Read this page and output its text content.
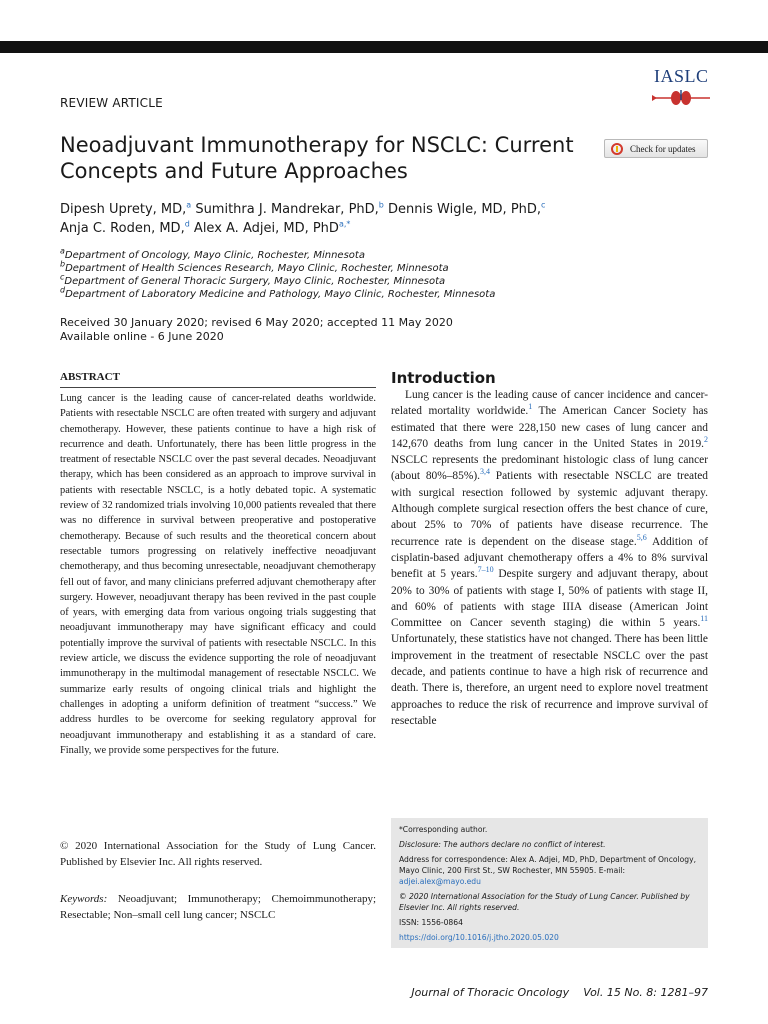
REVIEW ARTICLE
IASLC
Neoadjuvant Immunotherapy for NSCLC: Current Concepts and Future Approaches
Check for updates
Dipesh Uprety, MD,$^a$ Sumithra J. Mandrekar, PhD,$^b$ Dennis Wigle, MD, PhD,$^c$
Anja C. Roden, MD,$^d$ Alex A. Adjei, MD, PhD$^{a,*}$
$^a$Department of Oncology, Mayo Clinic, Rochester, Minnesota
$^b$Department of Health Sciences Research, Mayo Clinic, Rochester, Minnesota
$^c$Department of General Thoracic Surgery, Mayo Clinic, Rochester, Minnesota
$^d$Department of Laboratory Medicine and Pathology, Mayo Clinic, Rochester, Minnesota
Received 30 January 2020; revised 6 May 2020; accepted 11 May 2020
Available online - 6 June 2020
ABSTRACT
Lung cancer is the leading cause of cancer-related deaths worldwide. Patients with resectable NSCLC are often treated with surgery and adjuvant chemotherapy. However, these patients continue to have a high risk of recurrence and death. Unfortunately, there has been little progress in the treatment of resectable NSCLC over the past several decades. Neoadjuvant therapy, which has been considered as an approach to improve survival in patients with resectable NSCLC, is a hotly debated topic. A systematic review of 32 randomized trials involving 10,000 patients revealed that there was no difference in survival between preoperative and postoperative chemotherapy. Because of such results and the theoretical concern about resectable tumors progressing on relatively ineffective neoadjuvant chemotherapy, and thus becoming unresectable, neoadjuvant chemotherapy fell out of favor, and many clinicians preferred adjuvant chemotherapy after surgery. However, neoadjuvant therapy has been revived in the past couple of years, with emerging data from various ongoing trials suggesting that neoadjuvant immunotherapy may have significant efficacy and could potentially improve the survival of patients with resectable NSCLC. In this review article, we discuss the evidence supporting the role of neoadjuvant immunotherapy in the multimodal management of resectable NSCLC. We summarize early results of ongoing clinical trials and highlight the challenges in adopting a uniform definition of treatment “success.” We address hurdles to be overcome for seeking regulatory approval for neoadjuvant immunotherapy and establishing it as a standard of care. Finally, we provide some perspectives for the future.
© 2020 International Association for the Study of Lung Cancer. Published by Elsevier Inc. All rights reserved.
Keywords: Neoadjuvant; Immunotherapy; Chemoimmunotherapy; Resectable; Non–small cell lung cancer; NSCLC
Introduction
Lung cancer is the leading cause of cancer incidence and cancer-related mortality worldwide.$^1$ The American Cancer Society has estimated that there were 228,150 new cases of lung cancer and 142,670 deaths from lung cancer in the United States in 2019.$^2$ NSCLC represents the predominant histologic class of lung cancer (about 80%–85%).$^{3,4}$ Patients with resectable NSCLC are treated with surgical resection followed by systemic adjuvant therapy. Although complete surgical resection offers the best chance of cure, about 25% to 70% of patients have disease recurrence. The recurrence rate is dependent on the disease stage.$^{5,6}$ Addition of cisplatin-based adjuvant chemotherapy offers a 4% to 8% survival benefit at 5 years.$^{7-10}$ Despite surgery and adjuvant therapy, about 20% to 30% of patients with stage I, 50% of patients with stage II, and 60% of patients with stage IIIA disease (American Joint Committee on Cancer seventh staging) die within 5 years.$^{11}$ Unfortunately, these statistics have not changed. There has been little improvement in the treatment of resectable NSCLC over the past decade, and patients continue to have a high risk of recurrence and death. There is, therefore, an urgent need to explore novel treatment approaches to reduce the risk of recurrence and improve survival of resectable

*Corresponding author.

Disclosure: The authors declare no conflict of interest.

Address for correspondence: Alex A. Adjei, MD, PhD, Department of Oncology, Mayo Clinic, 200 First St., SW Rochester, MN 55905. E-mail:
adjei.alex@mayo.edu

© 2020 International Association for the Study of Lung Cancer. Published by Elsevier Inc. All rights reserved.

ISSN: 1556-0864

https://doi.org/10.1016/j.jtho.2020.05.020

Journal of Thoracic Oncology Vol. 15 No. 8: 1281–97
